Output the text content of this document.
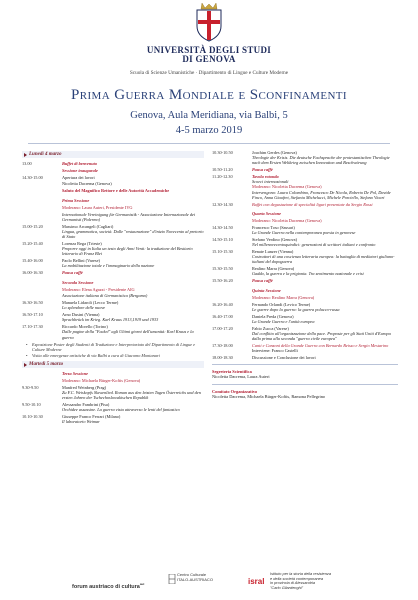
UNIVERSITÀ DEGLI STUDI
DI GENOVA
Scuola di Scienze Umanistiche · Dipartimento di Lingue e Culture Moderne
Prima Guerra Mondiale e Sconfinamenti
Genova, Aula Meridiana, via Balbi, 5
4-5 marzo 2019
Lunedì 4 marzo
13.00	Buffet di benvenuto
Sessione inaugurale
14.30-15.00	Apertura dei lavori
Nicoletta Dacrema (Genova)
Saluto del Magnifico Rettore e delle Autorità Accademiche
Prima Sessione
Moderano: Laura Auteri, Presidente IVG
Internationale Vereinigung für Germanistik - Associazione Internazionale dei Germanisti (Palermo)
15.00-15.20	Massimo Arcangeli (Cagliari)
Lingua, grammatica, società. Dalle "restaurazione" d'inizio Novecento al pretorio di Stato
15.20-15.40	Lorenza Rega (Trieste)
Proporre oggi in Italia un testo degli Anni Venti: la traduzione del Bestiario letterario di Franz Blei
15.40-16.00	Paolo Bellini (Varese)
La mobilitazione totale e l'immaginario della nazione
16.00-16.30	Pausa caffè
Seconda Sessione
Moderano: Elena Agazzi - Presidente AIG
Associazione italiana di Germanistica (Bergamo)
16.30-16.50	Manuela Lidaroli (Lecco Terme)
Lo splendore delle nuove
16.50-17.10	Arno Dusini (Vienna)
Sprachbrück im Krieg. Karl Kraus 1913,1919 und 1933
17.10-17.30	Riccardo Morello (Torino)
Dalle pagine della "Fackel" agli Ultimi giorni dell'umanità: Karl Kraus e la guerra
•	Esposizione Poster degli Studenti di Traduzione e Interpretariato del Dipartimento di Lingue e Culture Moderne
•	Visita alle emergenze artistiche di via Balbi a cura di Giacomo Montanari
Martedì 5 marzo
Terza Sessione
Moderano: Michaela Bürger-Koftis (Genova)
9.30-9.50	Manfred Weinberg (Prag)
Zu F.C. Weiskopfs Slawenlied. Roman aus den letzten Tagen Österreichs und den ersten Jahren der Tschechoslowakischen Republik
9.50-10.10	Alessandro Fambrini (Pisa)
Orchidee assassine. La guerra vista attraverso le lenti del fantastico
10.10-10.30	Giuseppe Franco Ferrari (Milano)
Il laboratorio Weimar
10.30-10.50	Joachim Gerdes (Genova)
Theologie der Krisis. Die deutsche Fachsprache der protestantischen Theologie nach dem Ersten Weltkrieg zwischen Innovation und Beschwörung
10.50-11.20	Pausa caffè
11.20-12.30	Tavola rotonda
Scoeci internazionali
Moderano: Nicoletta Dacrema (Genova)
Intervengono: Laura Colombino, Francesco De Nicola, Roberto De Pol, Davide Finco, Anna Giaufret, Stefania Michelucci, Michele Porciello, Stefano Vicari
12.30-14.30	Buffet con degustazione di specialità liguri presentate da Sergio Rossi
Quarta Sessione
Moderano: Nicoletta Dacrema (Genova)
14.30-14.50	Francesco Toso (Sassari)
La Grande Guerra nella contemporanea poesia in genovese
14.50-15.10	Stefano Verdino (Genova)
Nel millenovecentoquindici: generazioni di scrittori italiani e confronto
15.10-15.30	Renate Lunzer (Vienna)
Costruttori di una coscienza letteraria europea: la battaglia di mediatori giuliano-italiani del dopoguerra
15.30-15.50	Realino Marra (Genova)
Gadda, la guerra e la prigionia. Tra sentimento nazionale e crisi
15.50-16.20	Pausa caffè
Quinta Sessione
Moderano: Realino Marra (Genova)
16.20-16.40	Fernando Orlandi (Levico Terme)
Le guerre dopo la guerra: la guerra polacco-russa
16.40-17.00	Daniela Preda (Genova)
La Grande Guerra e l'unità europea
17.00-17.20	Fabio Zucca (Varese)
Dal conflitto all'organizzazione della pace. Proposte per gli Stati Uniti d'Europa dalla prima alla seconda "guerra civile europea"
17.30-18.00	Canti e Canzoni della Grande Guerra con Bernardo Beisso e Sergio Mestarino
Interviene: Franco Castelli
18.00-18.30	Discussione e Conclusione dei lavori
Segreteria Scientifica
Nicoletta Dacrema, Laura Auteri
Comitato Organizzativo
Nicoletta Dacrema, Michaela Bürger-Koftis, Ramona Pellegrino
forum austriaco di cultura$^{aut}$
Centro Culturale
ITALO-AUSTRIACO	isral
Istituto per la storia della resistenza
e della società contemporanea
in provincia di Alessandria
"Carlo Gilardenghi"
